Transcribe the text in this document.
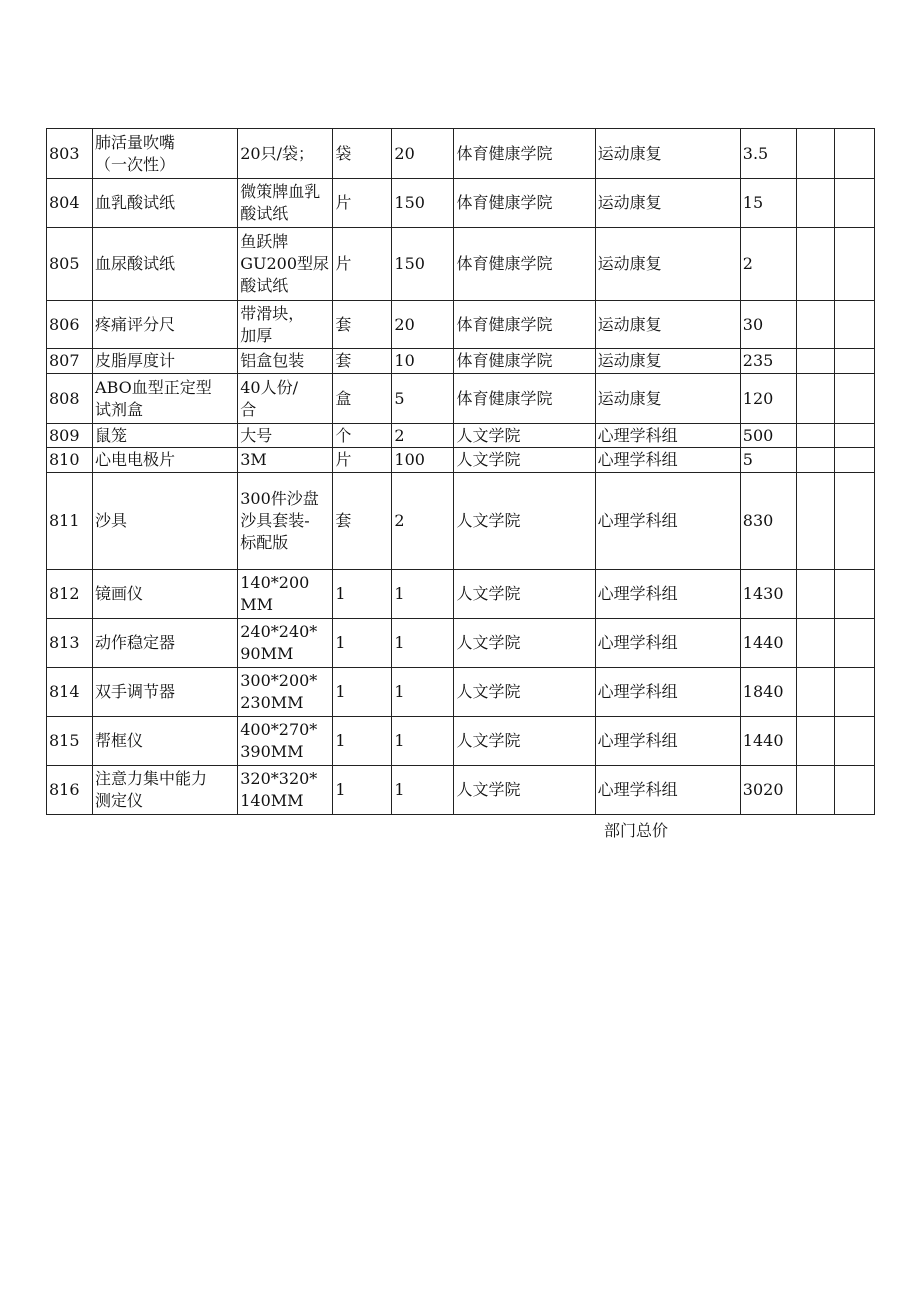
803	肺活量吹嘴
（一次性）	20只/袋；	袋	20	体育健康学院	运动康复	3.5		
804	血乳酸试纸	微策牌血乳
酸试纸	片	150	体育健康学院	运动康复	15		
805	血尿酸试纸	鱼跃牌
GU200型尿
酸试纸	片	150	体育健康学院	运动康复	2		
806	疼痛评分尺	带滑块，
加厚	套	20	体育健康学院	运动康复	30		
807	皮脂厚度计	铝盒包装	套	10	体育健康学院	运动康复	235		
808	ABO血型正定型
试剂盒	40人份/
合	盒	5	体育健康学院	运动康复	120		
809	鼠笼	大号	个	2	人文学院	心理学科组	500		
810	心电电极片	3M	片	100	人文学院	心理学科组	5		
811	沙具	300件沙盘
沙具套装-
标配版	套	2	人文学院	心理学科组	830		
812	镜画仪	140*200
MM	1	1	人文学院	心理学科组	1430		
813	动作稳定器	240*240*
90MM	1	1	人文学院	心理学科组	1440		
814	双手调节器	300*200*
230MM	1	1	人文学院	心理学科组	1840		
815	帮框仪	400*270*
390MM	1	1	人文学院	心理学科组	1440		
816	注意力集中能力
测定仪	320*320*
140MM	1	1	人文学院	心理学科组	3020		
部门总价
